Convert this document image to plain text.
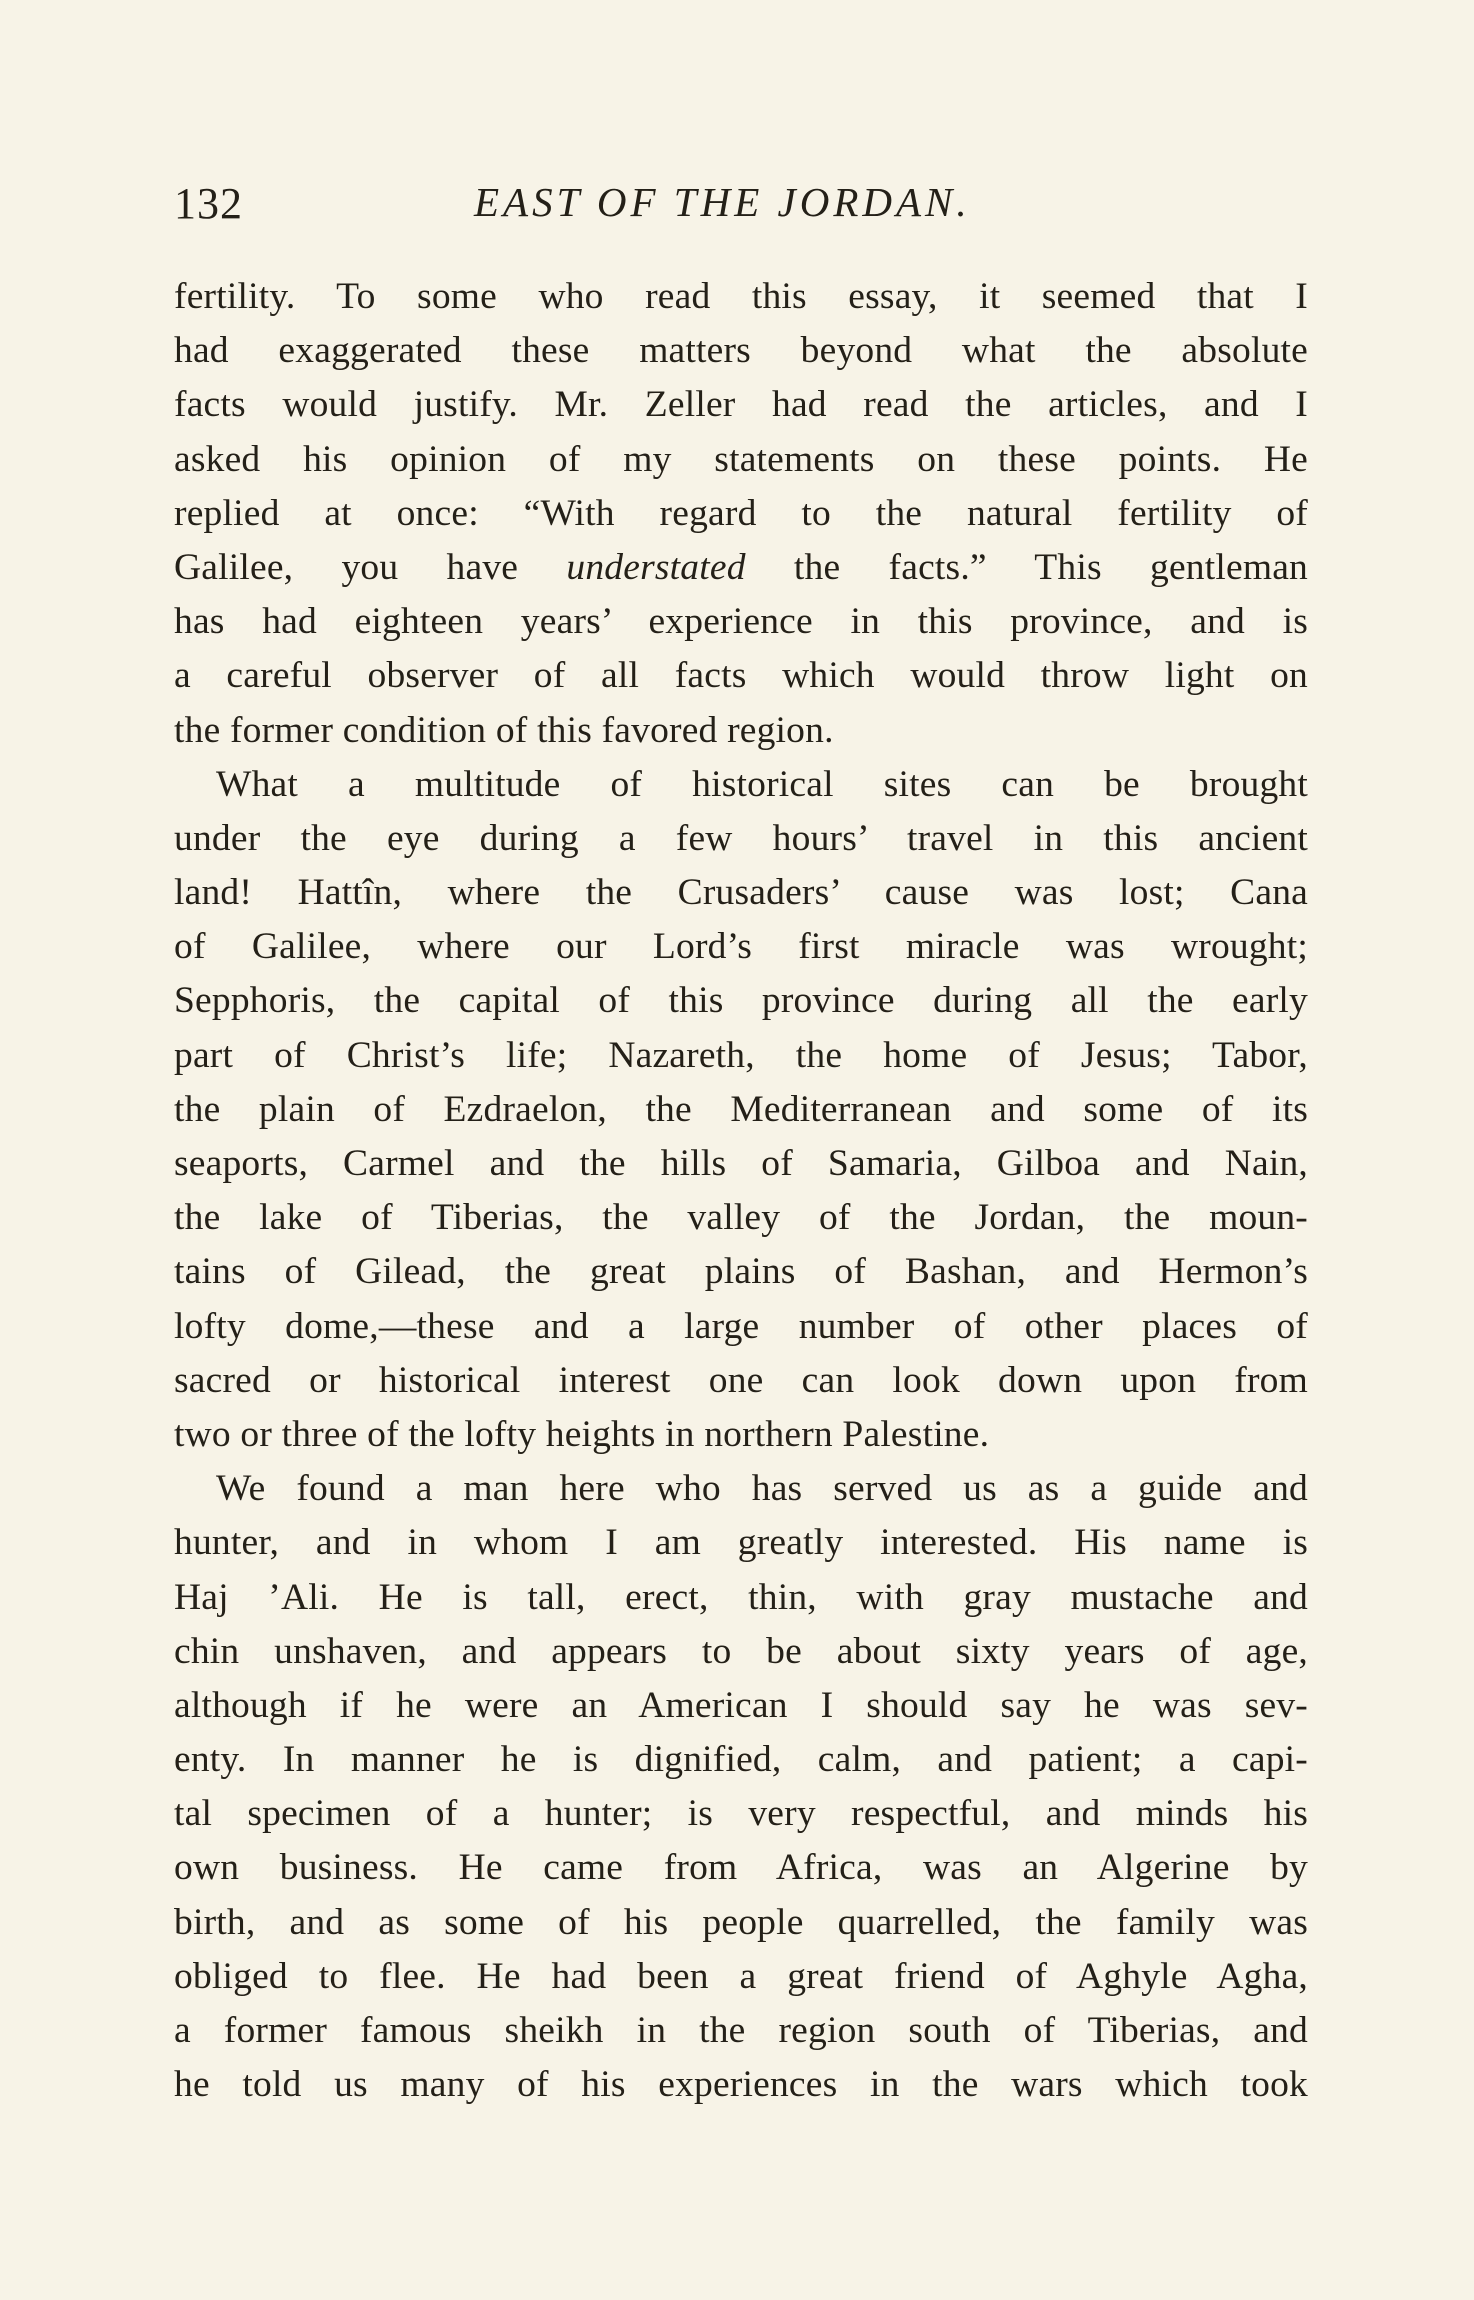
132	EAST OF THE JORDAN.
fertility. To some who read this essay, it seemed that I
had exaggerated these matters beyond what the absolute
facts would justify. Mr. Zeller had read the articles, and I
asked his opinion of my statements on these points. He
replied at once: “With regard to the natural fertility of
Galilee, you have understated the facts.” This gentleman
has had eighteen years’ experience in this province, and is
a careful observer of all facts which would throw light on
the former condition of this favored region.
What a multitude of historical sites can be brought
under the eye during a few hours’ travel in this ancient
land! Hattîn, where the Crusaders’ cause was lost; Cana
of Galilee, where our Lord’s first miracle was wrought;
Sepphoris, the capital of this province during all the early
part of Christ’s life; Nazareth, the home of Jesus; Tabor,
the plain of Ezdraelon, the Mediterranean and some of its
seaports, Carmel and the hills of Samaria, Gilboa and Nain,
the lake of Tiberias, the valley of the Jordan, the moun-
tains of Gilead, the great plains of Bashan, and Hermon’s
lofty dome,—these and a large number of other places of
sacred or historical interest one can look down upon from
two or three of the lofty heights in northern Palestine.
We found a man here who has served us as a guide and
hunter, and in whom I am greatly interested. His name is
Haj ’Ali. He is tall, erect, thin, with gray mustache and
chin unshaven, and appears to be about sixty years of age,
although if he were an American I should say he was sev-
enty. In manner he is dignified, calm, and patient; a capi-
tal specimen of a hunter; is very respectful, and minds his
own business. He came from Africa, was an Algerine by
birth, and as some of his people quarrelled, the family was
obliged to flee. He had been a great friend of Aghyle Agha,
a former famous sheikh in the region south of Tiberias, and
he told us many of his experiences in the wars which took
